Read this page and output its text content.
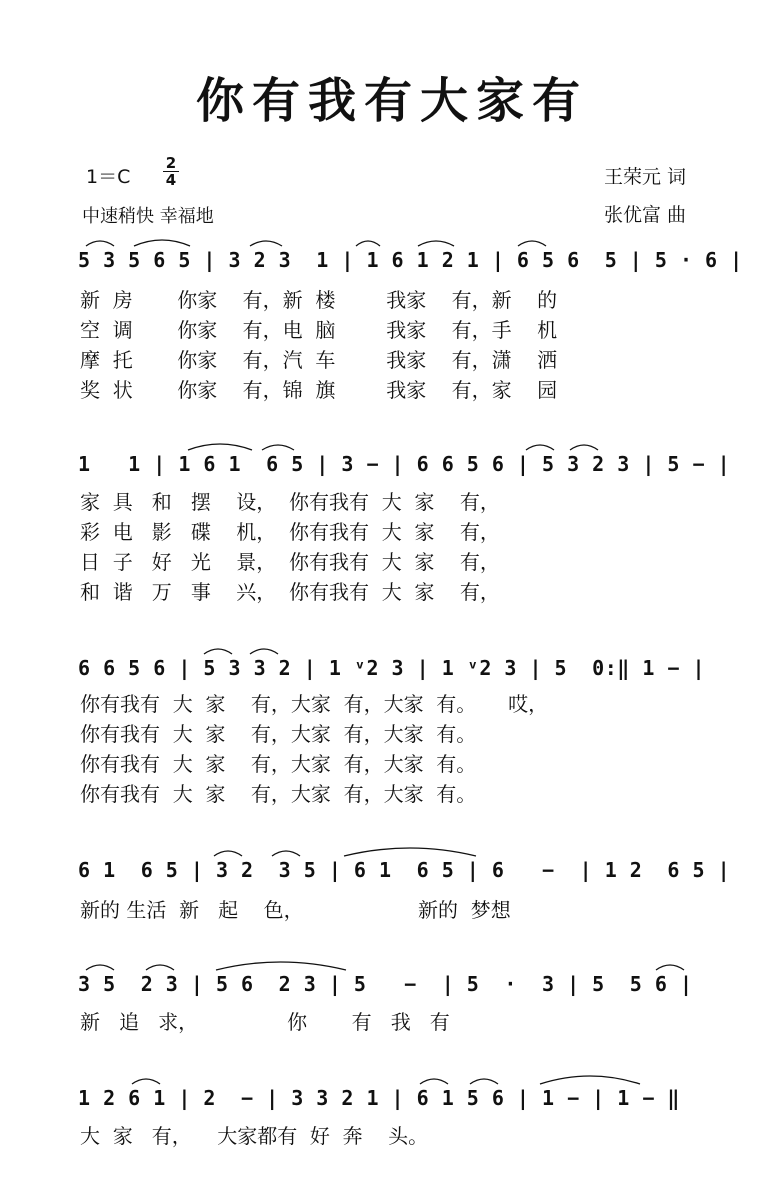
你有我有大家有
1＝C
2
4
中速稍快 幸福地
王荣元 词
张优富 曲
5 3 5 6 5 | 3 2 3  1 | 1 6 1 2 1 | 6 5 6  5 | 5 · 6 |
新  房       你家    有，新  楼        我家    有，新    的
空  调       你家    有，电  脑        我家    有，手    机
摩  托       你家    有，汽  车        我家    有，潇    洒
奖  状       你家    有，锦  旗        我家    有，家    园
1   1 | 1 6 1  6 5 | 3 − | 6 6 5 6 | 5 3 2 3 | 5 − |
家  具   和   摆    设，  你有我有  大  家    有，
彩  电   影   碟    机，  你有我有  大  家    有，
日  子   好   光    景，  你有我有  大  家    有，
和  谐   万   事    兴，  你有我有  大  家    有，
6 6 5 6 | 5 3 3 2 | 1 ᵛ2 3 | 1 ᵛ2 3 | 5  0:‖ 1 − |
你有我有  大  家    有，大家  有，大家  有。     哎，
你有我有  大  家    有，大家  有，大家  有。
你有我有  大  家    有，大家  有，大家  有。
你有我有  大  家    有，大家  有，大家  有。
6 1  6 5 | 3 2  3 5 | 6 1  6 5 | 6   −  | 1 2  6 5 |
新的 生活  新   起    色，                  新的  梦想
3 5  2 3 | 5 6  2 3 | 5   −  | 5  ·  3 | 5  5 6 |
新   追   求，              你       有   我   有
1 2 6 1 | 2  − | 3 3 2 1 | 6 1 5 6 | 1 − | 1 − ‖
大  家   有，    大家都有  好  奔    头。
